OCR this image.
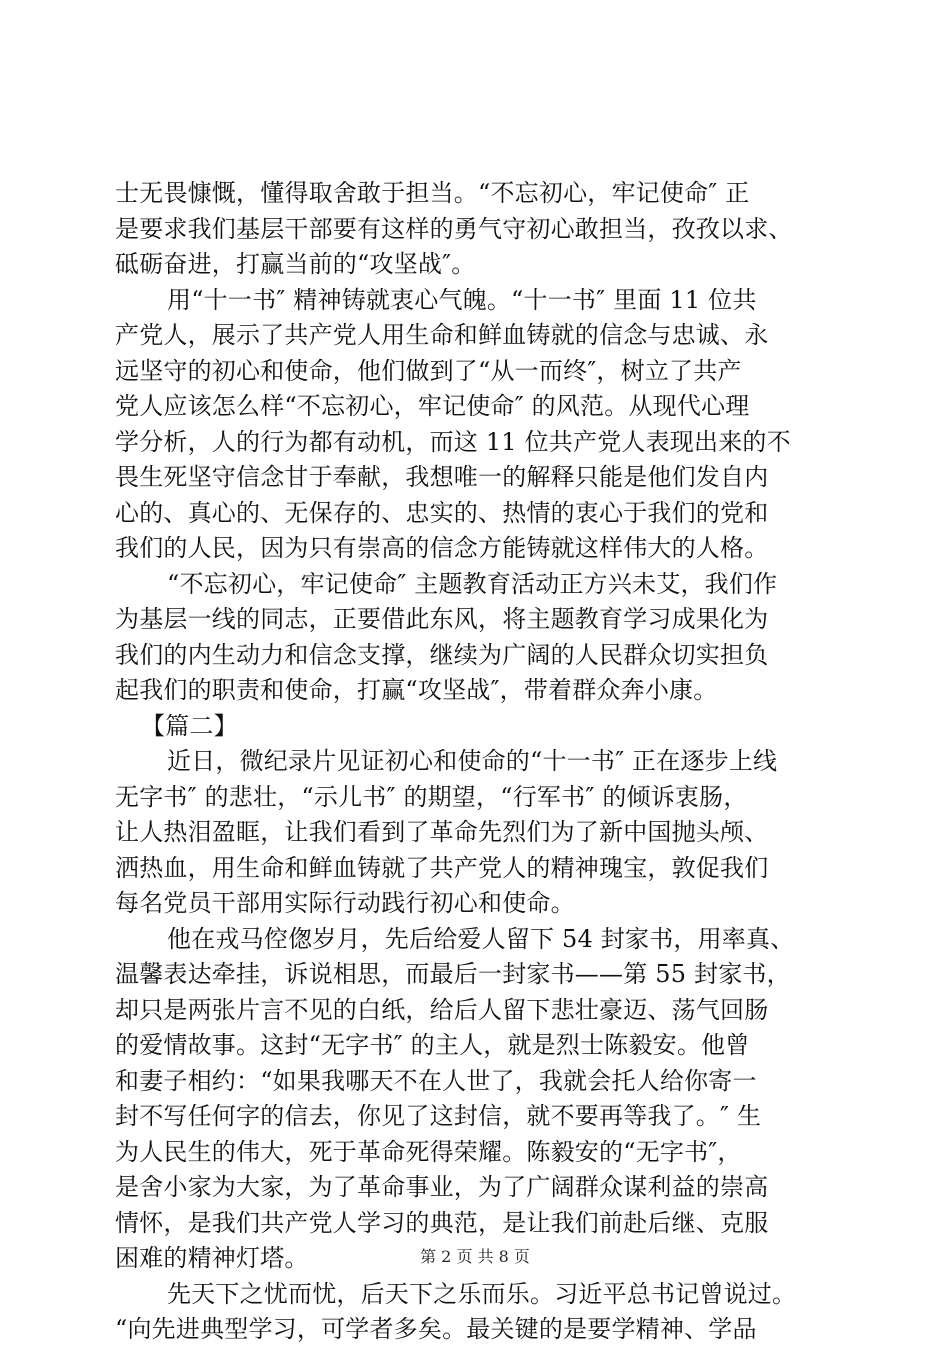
士无畏慷慨，懂得取舍敢于担当。“不忘初心，牢记使命″ 正
是要求我们基层干部要有这样的勇气守初心敢担当，孜孜以求、
砥砺奋进，打赢当前的“攻坚战″。
用“十一书″ 精神铸就衷心气魄。“十一书″ 里面 11 位共
产党人，展示了共产党人用生命和鲜血铸就的信念与忠诚、永
远坚守的初心和使命，他们做到了“从一而终″，树立了共产
党人应该怎么样“不忘初心，牢记使命″ 的风范。从现代心理
学分析，人的行为都有动机，而这 11 位共产党人表现出来的不
畏生死坚守信念甘于奉献，我想唯一的解释只能是他们发自内
心的、真心的、无保存的、忠实的、热情的衷心于我们的党和
我们的人民，因为只有崇高的信念方能铸就这样伟大的人格。
“不忘初心，牢记使命″ 主题教育活动正方兴未艾，我们作
为基层一线的同志，正要借此东风，将主题教育学习成果化为
我们的内生动力和信念支撑，继续为广阔的人民群众切实担负
起我们的职责和使命，打赢“攻坚战″，带着群众奔小康。
【篇二】
近日，微纪录片见证初心和使命的“十一书″ 正在逐步上线
无字书″ 的悲壮，“示儿书″ 的期望，“行军书″ 的倾诉衷肠，
让人热泪盈眶，让我们看到了革命先烈们为了新中国抛头颅、
洒热血，用生命和鲜血铸就了共产党人的精神瑰宝，敦促我们
每名党员干部用实际行动践行初心和使命。
他在戎马倥偬岁月，先后给爱人留下 54 封家书，用率真、
温馨表达牵挂，诉说相思，而最后一封家书——第 55 封家书，
却只是两张片言不见的白纸，给后人留下悲壮豪迈、荡气回肠
的爱情故事。这封“无字书″ 的主人，就是烈士陈毅安。他曾
和妻子相约：“如果我哪天不在人世了，我就会托人给你寄一
封不写任何字的信去，你见了这封信，就不要再等我了。″ 生
为人民生的伟大，死于革命死得荣耀。陈毅安的“无字书″，
是舍小家为大家，为了革命事业，为了广阔群众谋利益的崇高
情怀，是我们共产党人学习的典范，是让我们前赴后继、克服
困难的精神灯塔。
先天下之忧而忧，后天下之乐而乐。习近平总书记曾说过。
“向先进典型学习，可学者多矣。最关键的是要学精神、学品
第 2 页 共 8 页
